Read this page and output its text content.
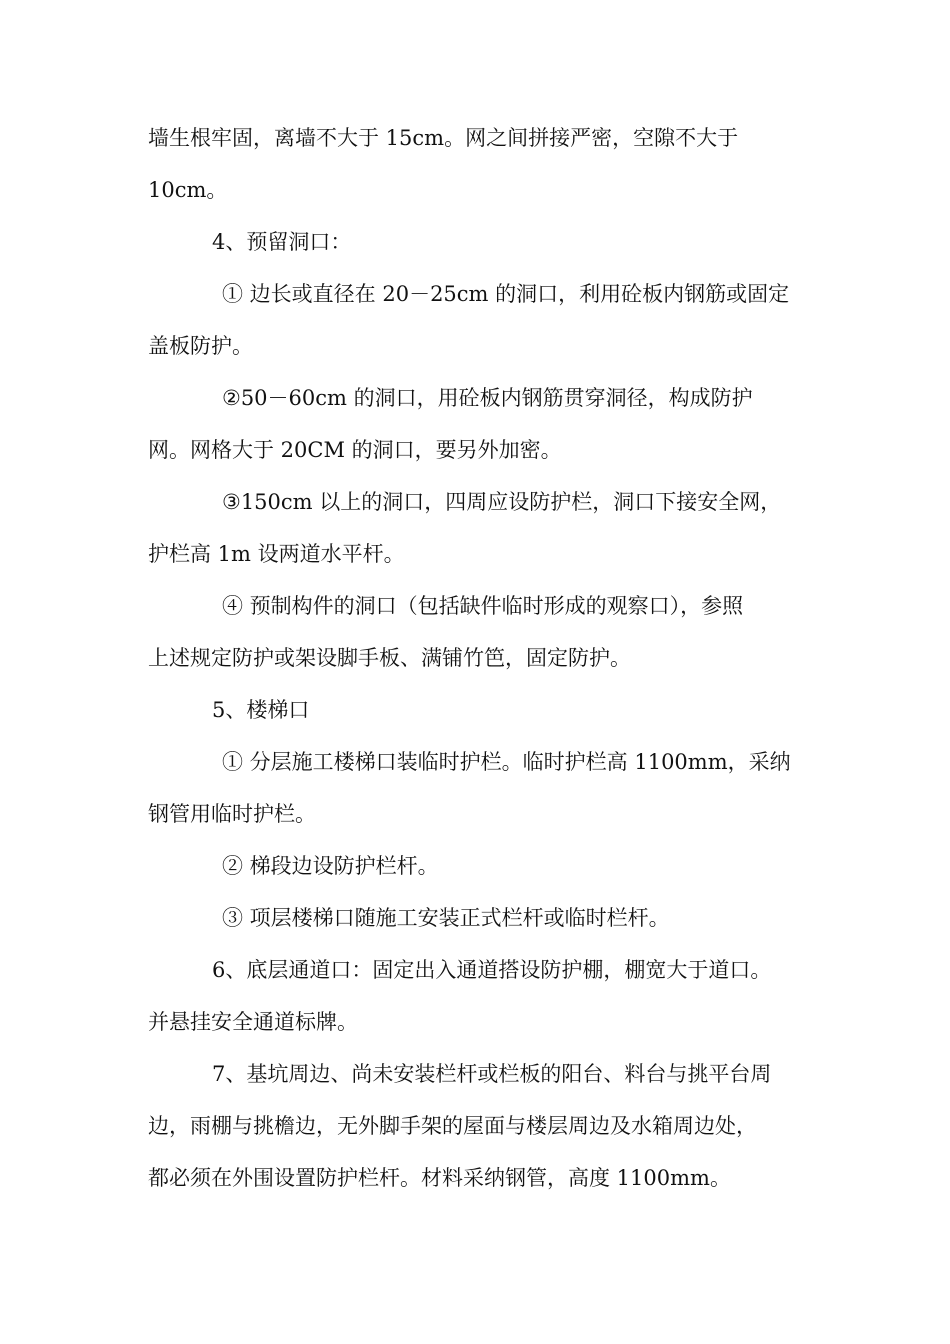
墙生根牢固，离墙不大于 15cm。网之间拼接严密，空隙不大于
10cm。
4、预留洞口：
① 边长或直径在 20－25cm 的洞口，利用砼板内钢筋或固定
盖板防护。
②50－60cm 的洞口，用砼板内钢筋贯穿洞径，构成防护
网。网格大于 20CM 的洞口，要另外加密。
③150cm 以上的洞口，四周应设防护栏，洞口下接安全网，
护栏高 1m 设两道水平杆。
④ 预制构件的洞口（包括缺件临时形成的观察口），参照
上述规定防护或架设脚手板、满铺竹笆，固定防护。
5、楼梯口
① 分层施工楼梯口装临时护栏。临时护栏高 1100mm，采纳
钢管用临时护栏。
② 梯段边设防护栏杆。
③ 项层楼梯口随施工安装正式栏杆或临时栏杆。
6、底层通道口：固定出入通道搭设防护棚，棚宽大于道口。
并悬挂安全通道标牌。
7、基坑周边、尚未安装栏杆或栏板的阳台、料台与挑平台周
边，雨棚与挑檐边，无外脚手架的屋面与楼层周边及水箱周边处，
都必须在外围设置防护栏杆。材料采纳钢管，高度 1100mm。
